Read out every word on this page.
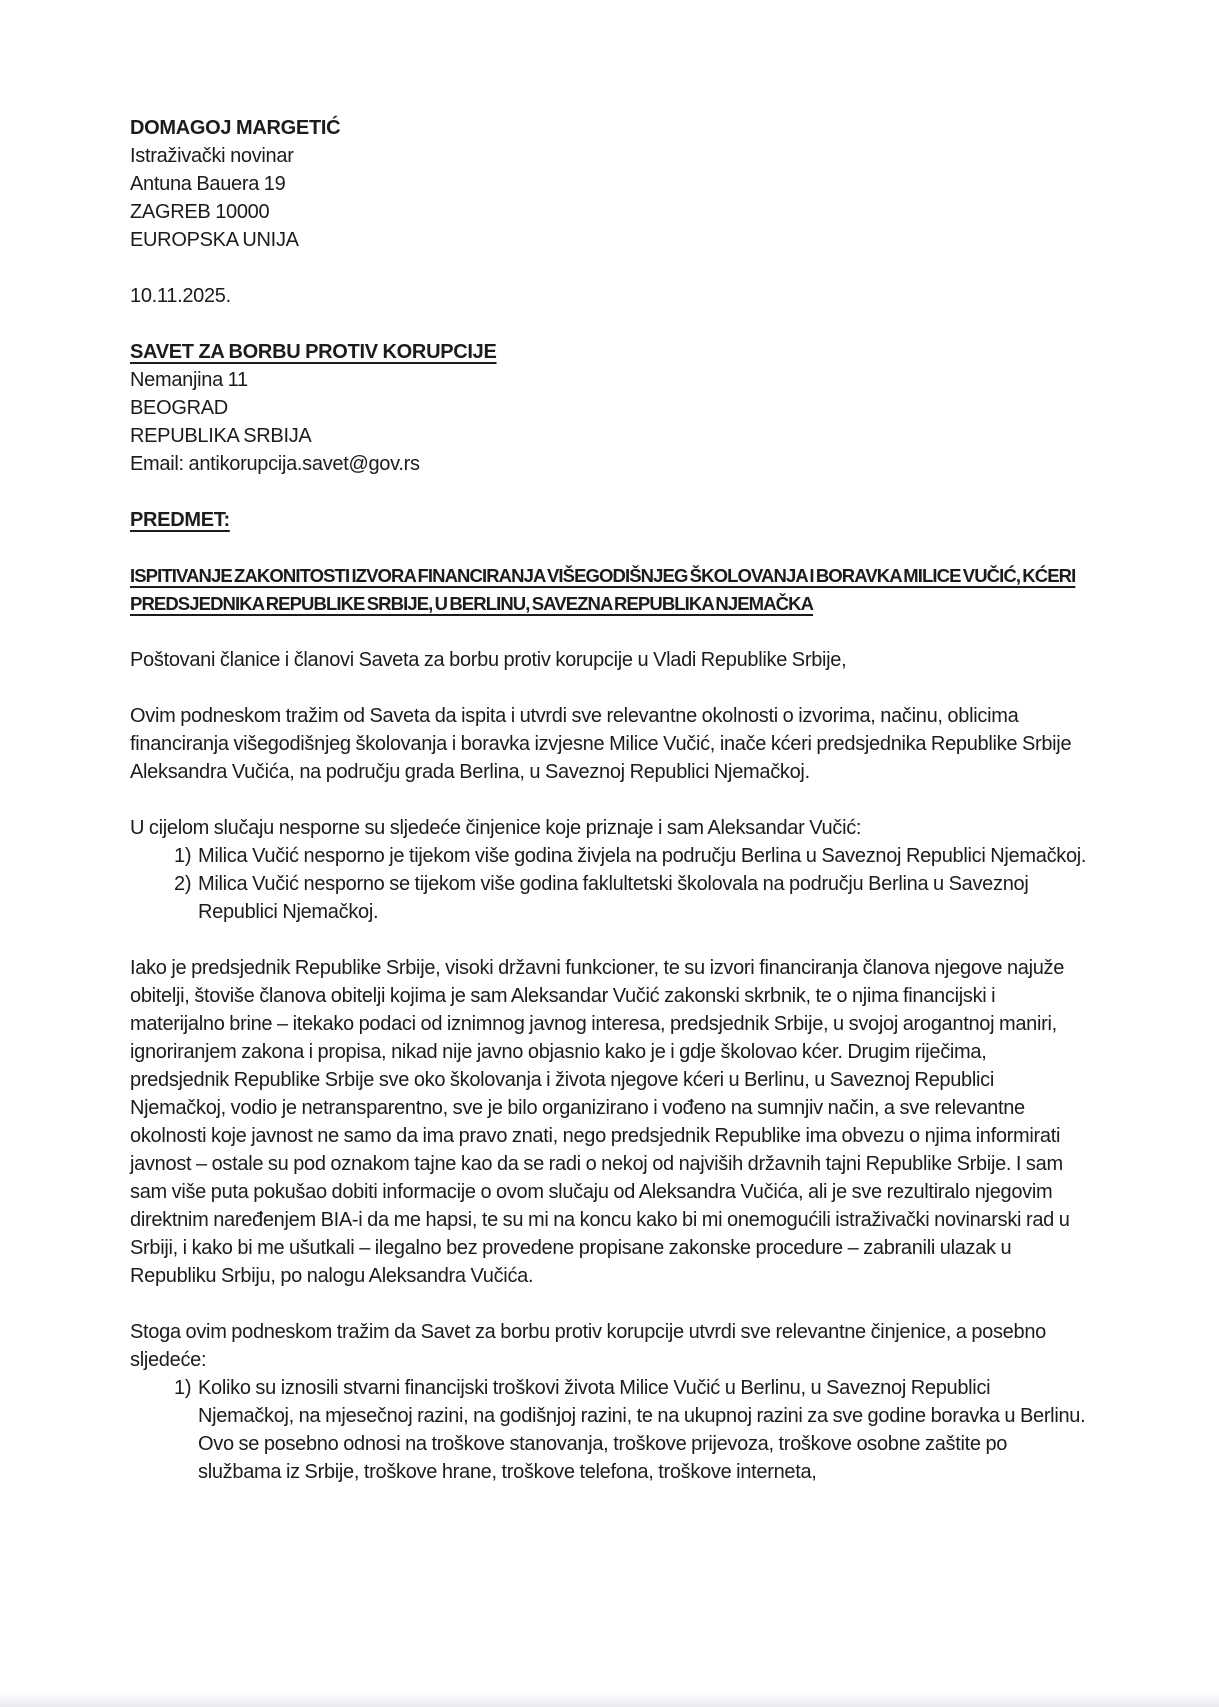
DOMAGOJ MARGETIĆ
Istraživački novinar
Antuna Bauera 19
ZAGREB 10000
EUROPSKA UNIJA
10.11.2025.
SAVET ZA BORBU PROTIV KORUPCIJE
Nemanjina 11
BEOGRAD
REPUBLIKA SRBIJA
Email: antikorupcija.savet@gov.rs
PREDMET:
ISPITIVANJE ZAKONITOSTI IZVORA FINANCIRANJA VIŠEGODIŠNJEG ŠKOLOVANJA I BORAVKA MILICE VUČIĆ, KĆERI PREDSJEDNIKA REPUBLIKE SRBIJE, U BERLINU, SAVEZNA REPUBLIKA NJEMAČKA
Poštovani članice i članovi Saveta za borbu protiv korupcije u Vladi Republike Srbije,

Ovim podneskom tražim od Saveta da ispita i utvrdi sve relevantne okolnosti o izvorima, načinu, oblicima financiranja višegodišnjeg školovanja i boravka izvjesne Milice Vučić, inače kćeri predsjednika Republike Srbije Aleksandra Vučića, na području grada Berlina, u Saveznoj Republici Njemačkoj.

U cijelom slučaju nesporne su sljedeće činjenice koje priznaje i sam Aleksandar Vučić:
Milica Vučić nesporno je tijekom više godina živjela na području Berlina u Saveznoj Republici Njemačkoj.
Milica Vučić nesporno se tijekom više godina faklultetski školovala na području Berlina u Saveznoj Republici Njemačkoj.

Iako je predsjednik Republike Srbije, visoki državni funkcioner, te su izvori financiranja članova njegove najuže obitelji, štoviše članova obitelji kojima je sam Aleksandar Vučić zakonski skrbnik, te o njima financijski i materijalno brine – itekako podaci od iznimnog javnog interesa, predsjednik Srbije, u svojoj arogantnoj maniri, ignoriranjem zakona i propisa, nikad nije javno objasnio kako je i gdje školovao kćer. Drugim riječima, predsjednik Republike Srbije sve oko školovanja i života njegove kćeri u Berlinu, u Saveznoj Republici Njemačkoj, vodio je netransparentno, sve je bilo organizirano i vođeno na sumnjiv način, a sve relevantne okolnosti koje javnost ne samo da ima pravo znati, nego predsjednik Republike ima obvezu o njima informirati javnost – ostale su pod oznakom tajne kao da se radi o nekoj od najviših državnih tajni Republike Srbije. I sam sam više puta pokušao dobiti informacije o ovom slučaju od Aleksandra Vučića, ali je sve rezultiralo njegovim direktnim naređenjem BIA-i da me hapsi, te su mi na koncu kako bi mi onemogućili istraživački novinarski rad u Srbiji, i kako bi me ušutkali – ilegalno bez provedene propisane zakonske procedure – zabranili ulazak u Republiku Srbiju, po nalogu Aleksandra Vučića.

Stoga ovim podneskom tražim da Savet za borbu protiv korupcije utvrdi sve relevantne činjenice, a posebno sljedeće:
Koliko su iznosili stvarni financijski troškovi života Milice Vučić u Berlinu, u Saveznoj Republici Njemačkoj, na mjesečnoj razini, na godišnjoj razini, te na ukupnoj razini za sve godine boravka u Berlinu. Ovo se posebno odnosi na troškove stanovanja, troškove prijevoza, troškove osobne zaštite po službama iz Srbije, troškove hrane, troškove telefona, troškove interneta,
